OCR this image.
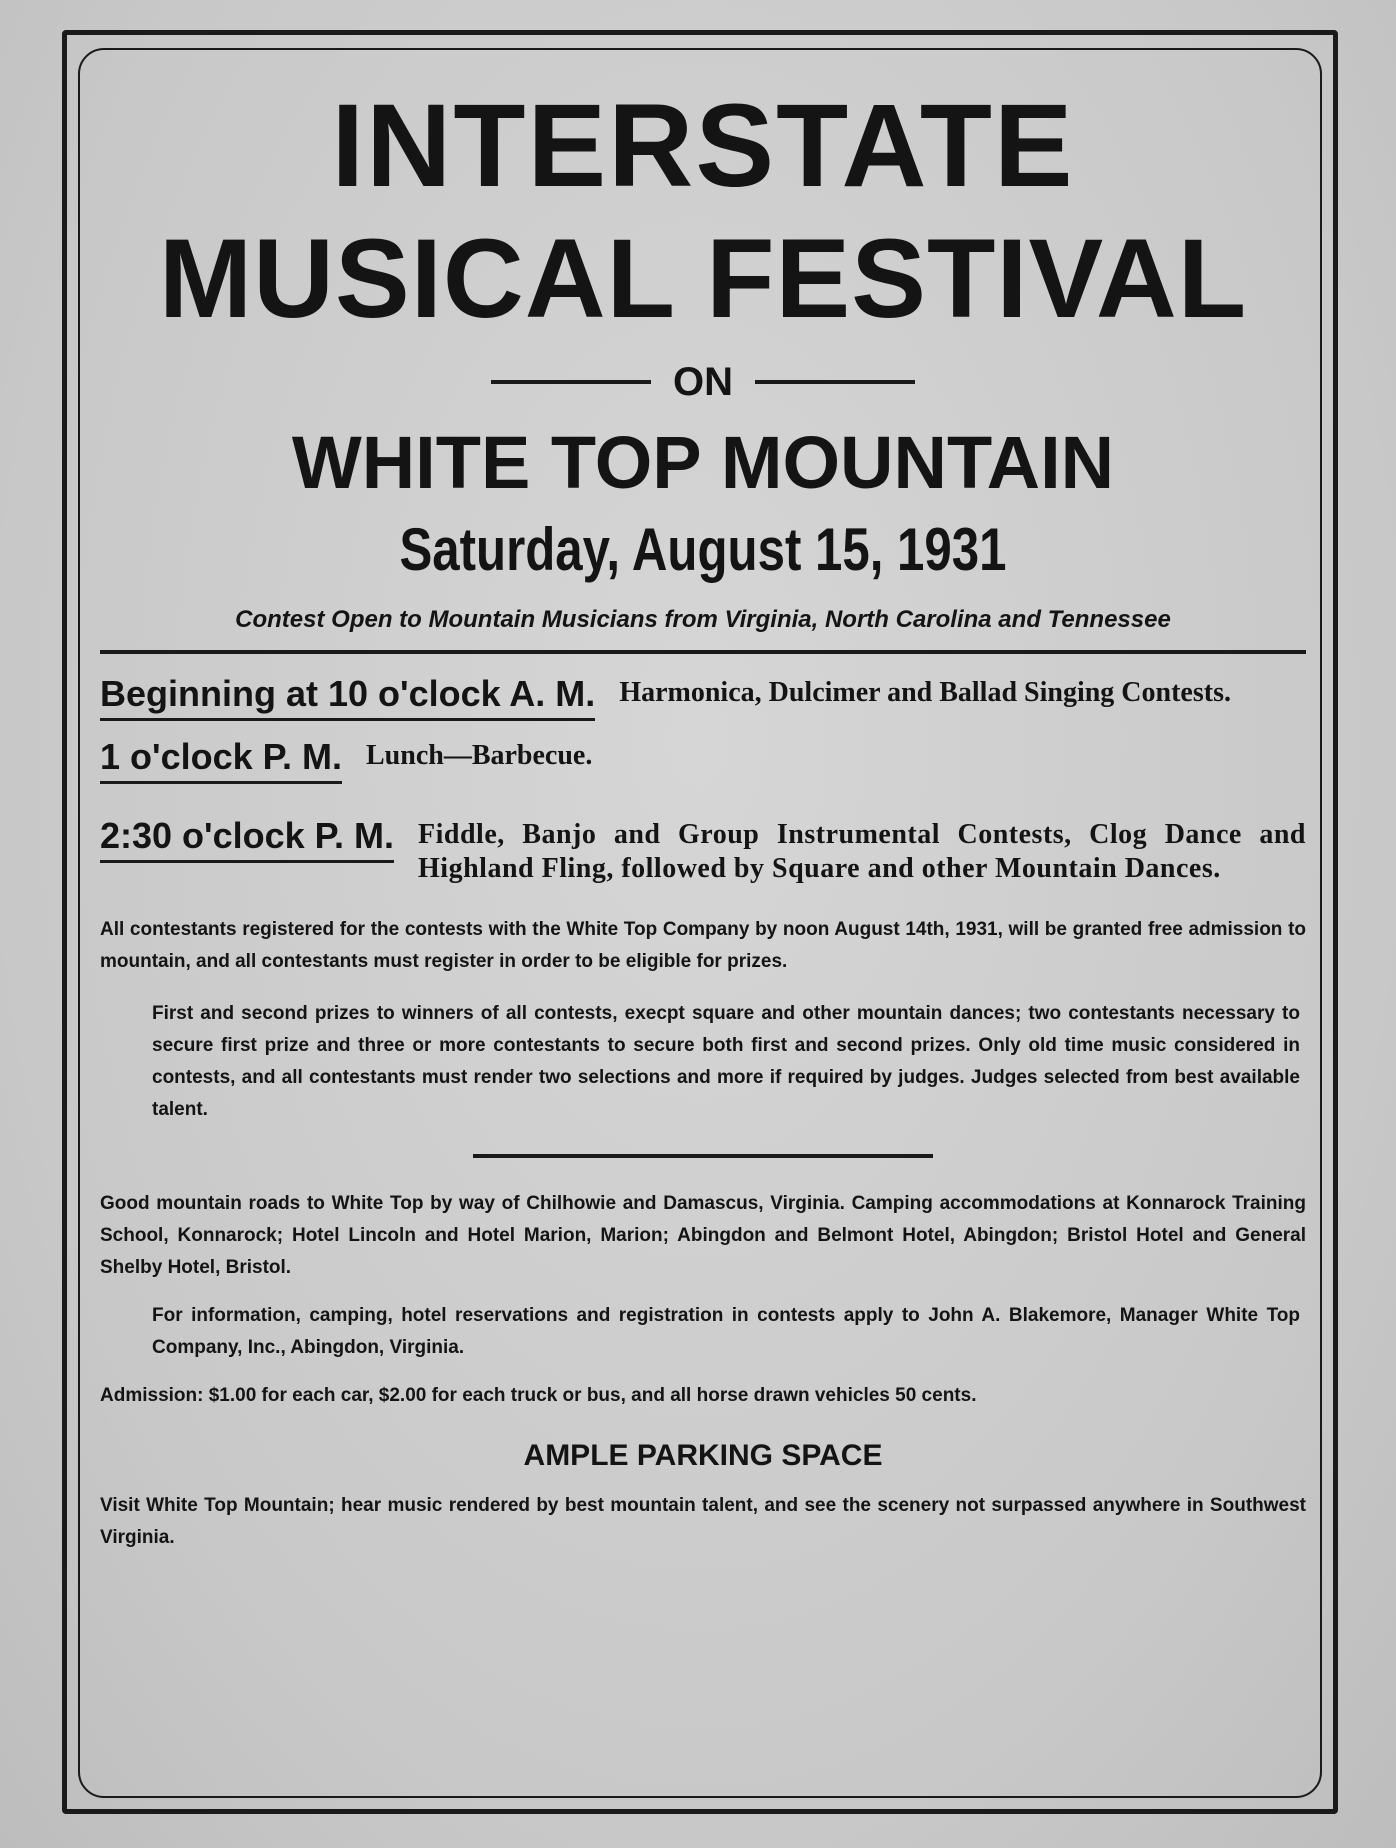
INTERSTATE
MUSICAL FESTIVAL
ON
WHITE TOP MOUNTAIN

Saturday, August 15, 1931

Contest Open to Mountain Musicians from Virginia, North Carolina and Tennessee
Beginning at 10 o'clock A. M. Harmonica, Dulcimer and Ballad Singing Contests.
1 o'clock P. M. Lunch—Barbecue.
2:30 o'clock P. M. Fiddle, Banjo and Group Instrumental Contests, Clog Dance and Highland Fling, followed by Square and other Mountain Dances.
All contestants registered for the contests with the White Top Company by noon August 14th, 1931, will be granted free admission to mountain, and all contestants must register in order to be eligible for prizes.
First and second prizes to winners of all contests, execpt square and other mountain dances; two contestants necessary to secure first prize and three or more contestants to secure both first and second prizes. Only old time music considered in contests, and all contestants must render two selections and more if required by judges. Judges selected from best available talent.
Good mountain roads to White Top by way of Chilhowie and Damascus, Virginia. Camping accommodations at Konnarock Training School, Konnarock; Hotel Lincoln and Hotel Marion, Marion; Abingdon and Belmont Hotel, Abingdon; Bristol Hotel and General Shelby Hotel, Bristol.
For information, camping, hotel reservations and registration in contests apply to John A. Blakemore, Manager White Top Company, Inc., Abingdon, Virginia.
Admission: $1.00 for each car, $2.00 for each truck or bus, and all horse drawn vehicles 50 cents.
AMPLE PARKING SPACE
Visit White Top Mountain; hear music rendered by best mountain talent, and see the scenery not surpassed anywhere in Southwest Virginia.
